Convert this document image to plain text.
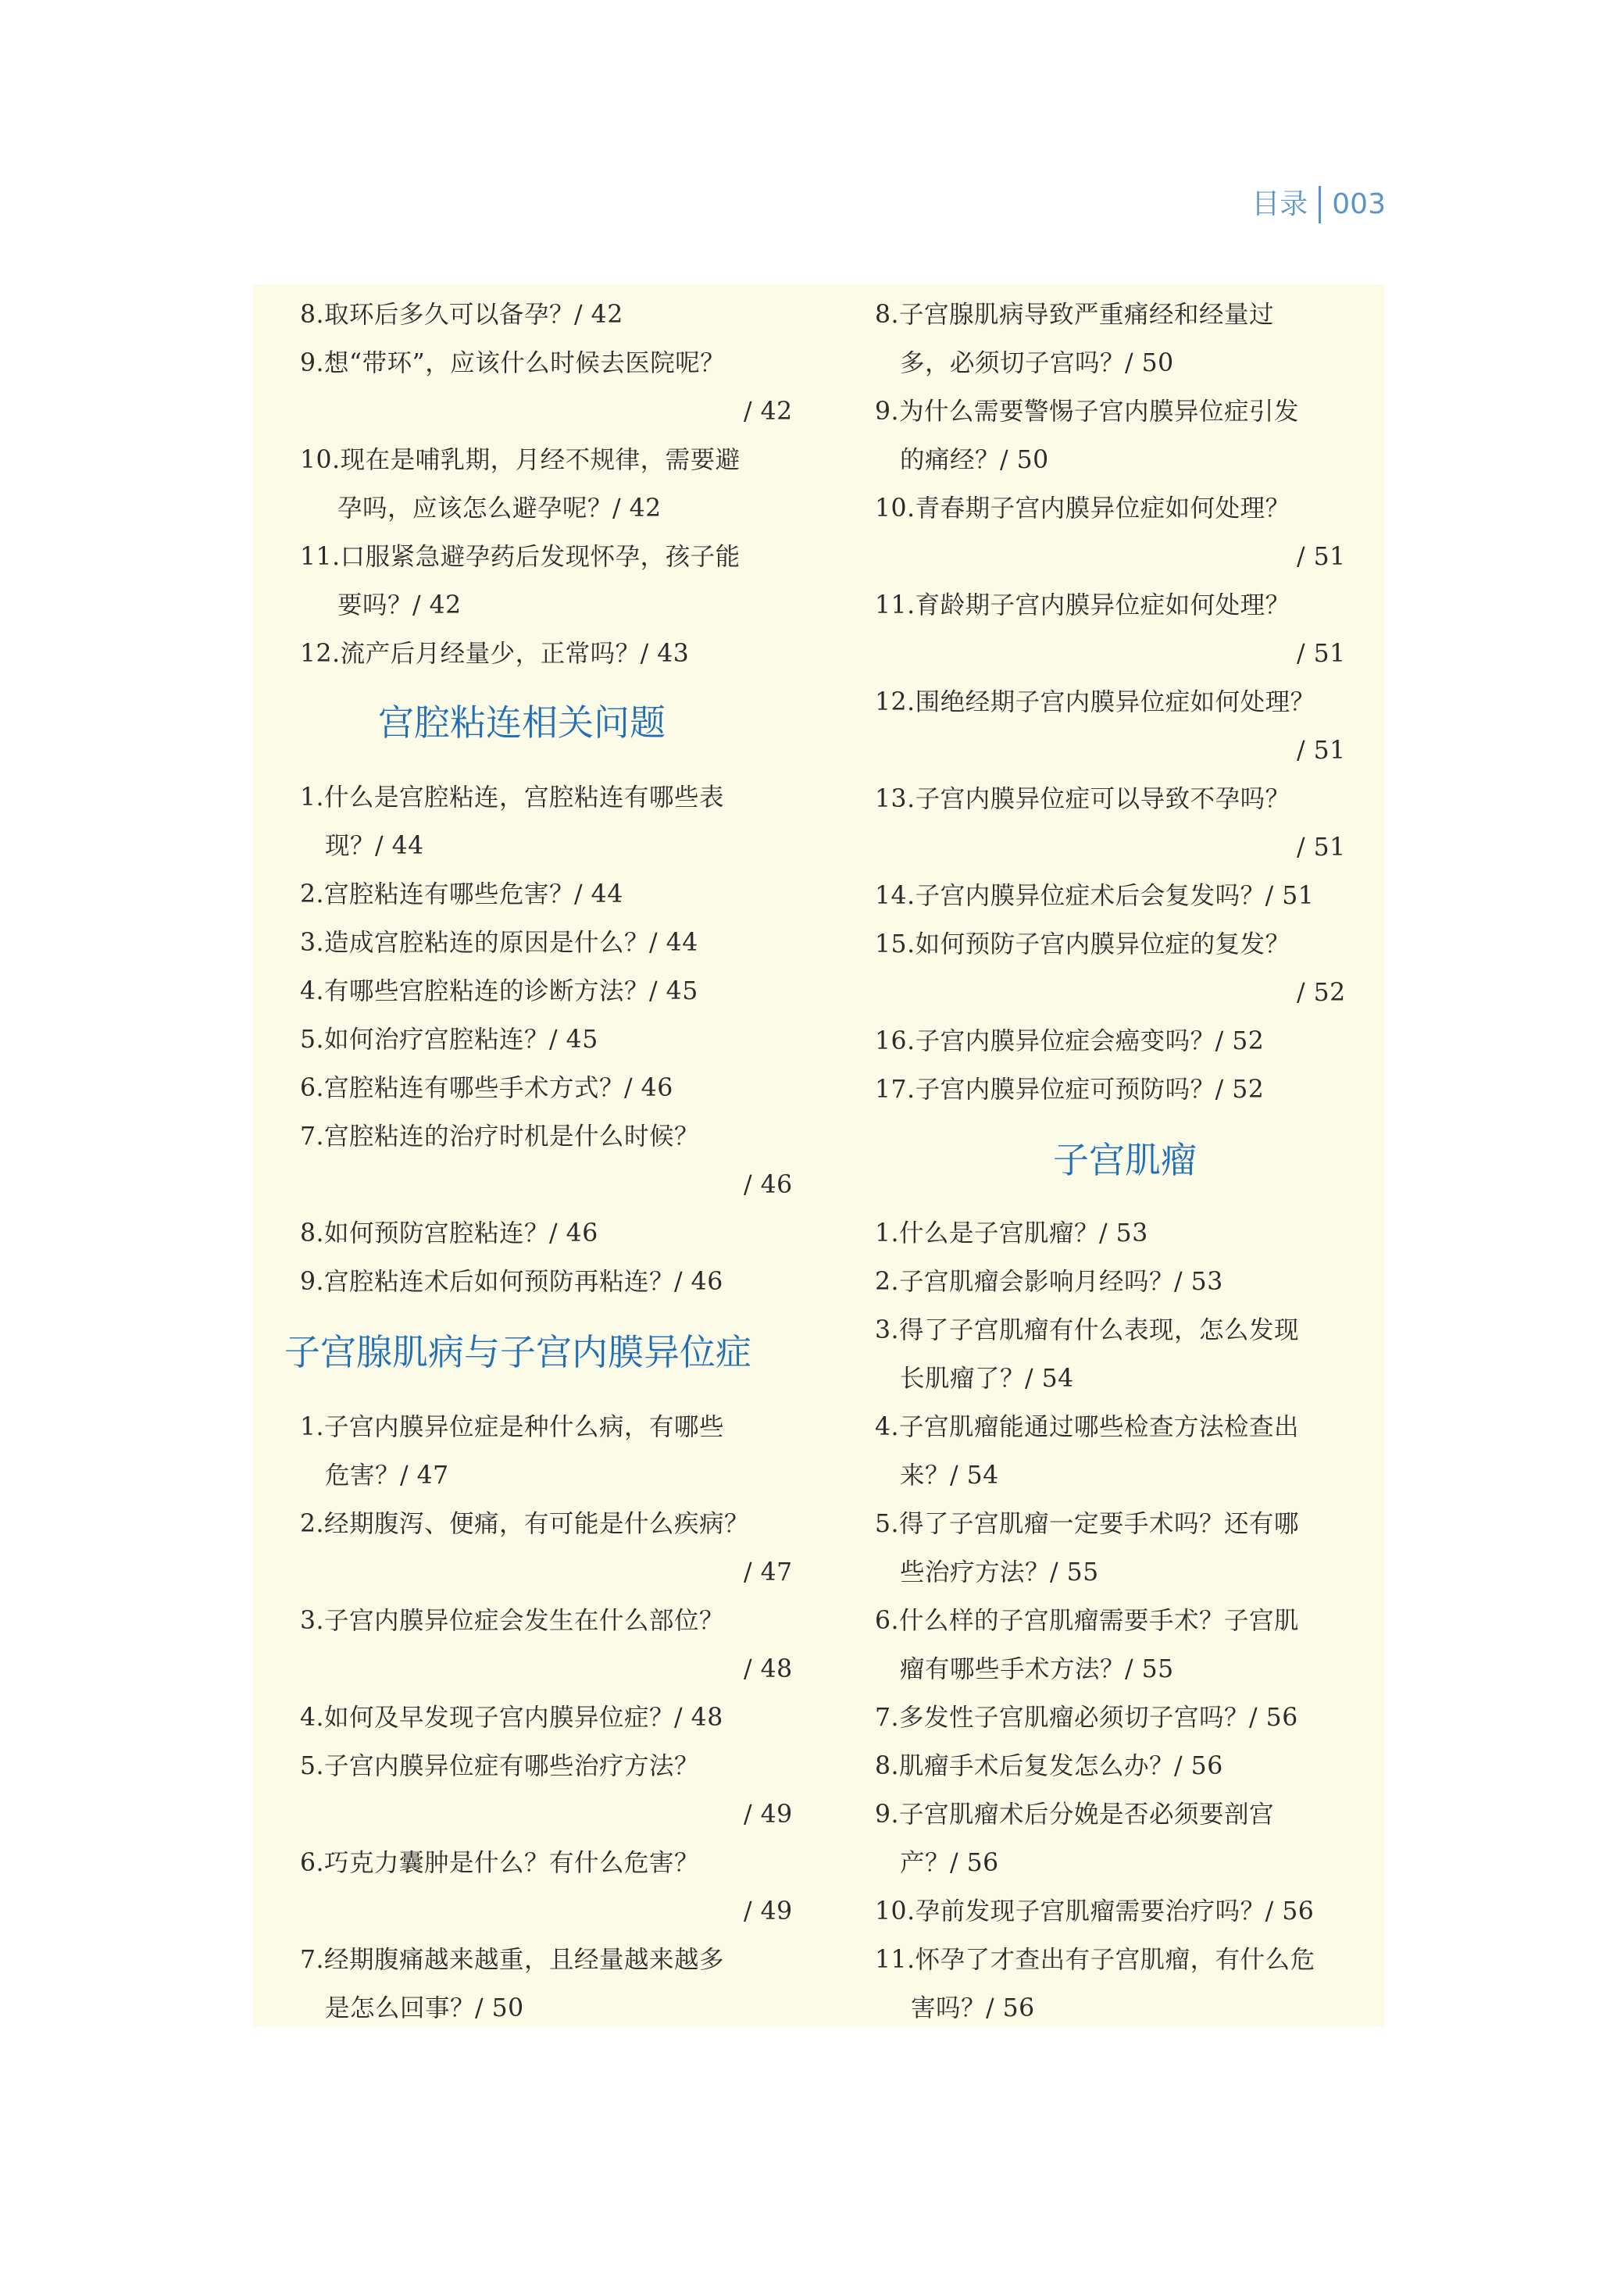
目录 003
8.取环后多久可以备孕？/ 42
9.想“带环”，应该什么时候去医院呢？
/ 42
10.现在是哺乳期，月经不规律，需要避
孕吗，应该怎么避孕呢？/ 42
11.口服紧急避孕药后发现怀孕，孩子能
要吗？/ 42
12.流产后月经量少，正常吗？/ 43
宫腔粘连相关问题
1.什么是宫腔粘连，宫腔粘连有哪些表
现？/ 44
2.宫腔粘连有哪些危害？/ 44
3.造成宫腔粘连的原因是什么？/ 44
4.有哪些宫腔粘连的诊断方法？/ 45
5.如何治疗宫腔粘连？/ 45
6.宫腔粘连有哪些手术方式？/ 46
7.宫腔粘连的治疗时机是什么时候？
/ 46
8.如何预防宫腔粘连？/ 46
9.宫腔粘连术后如何预防再粘连？/ 46
子宫腺肌病与子宫内膜异位症
1.子宫内膜异位症是种什么病，有哪些
危害？/ 47
2.经期腹泻、便痛，有可能是什么疾病？
/ 47
3.子宫内膜异位症会发生在什么部位？
/ 48
4.如何及早发现子宫内膜异位症？/ 48
5.子宫内膜异位症有哪些治疗方法？
/ 49
6.巧克力囊肿是什么？有什么危害？
/ 49
7.经期腹痛越来越重，且经量越来越多
是怎么回事？/ 50
8.子宫腺肌病导致严重痛经和经量过
多，必须切子宫吗？/ 50
9.为什么需要警惕子宫内膜异位症引发
的痛经？/ 50
10.青春期子宫内膜异位症如何处理？
/ 51
11.育龄期子宫内膜异位症如何处理？
/ 51
12.围绝经期子宫内膜异位症如何处理？
/ 51
13.子宫内膜异位症可以导致不孕吗？
/ 51
14.子宫内膜异位症术后会复发吗？/ 51
15.如何预防子宫内膜异位症的复发？
/ 52
16.子宫内膜异位症会癌变吗？/ 52
17.子宫内膜异位症可预防吗？/ 52
子宫肌瘤
1.什么是子宫肌瘤？/ 53
2.子宫肌瘤会影响月经吗？/ 53
3.得了子宫肌瘤有什么表现，怎么发现
长肌瘤了？/ 54
4.子宫肌瘤能通过哪些检查方法检查出
来？/ 54
5.得了子宫肌瘤一定要手术吗？还有哪
些治疗方法？/ 55
6.什么样的子宫肌瘤需要手术？子宫肌
瘤有哪些手术方法？/ 55
7.多发性子宫肌瘤必须切子宫吗？/ 56
8.肌瘤手术后复发怎么办？/ 56
9.子宫肌瘤术后分娩是否必须要剖宫
产？/ 56
10.孕前发现子宫肌瘤需要治疗吗？/ 56
11.怀孕了才查出有子宫肌瘤，有什么危
害吗？/ 56
